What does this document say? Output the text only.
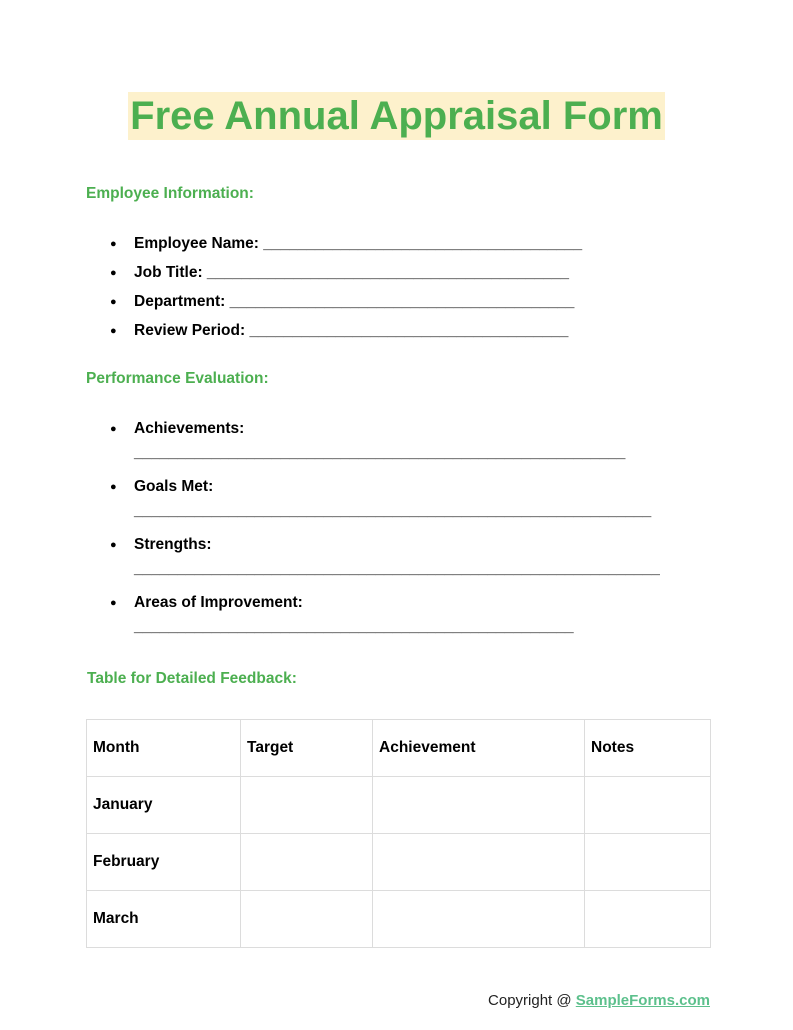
Free Annual Appraisal Form
Employee Information:
● Employee Name: _____________________________________
● Job Title: __________________________________________
● Department: ________________________________________
● Review Period: _____________________________________
Performance Evaluation:
● Achievements:
_________________________________________________________
● Goals Met:
____________________________________________________________
● Strengths:
_____________________________________________________________
● Areas of Improvement:
___________________________________________________
Table for Detailed Feedback:
Month	Target	Achievement	Notes
January			
February			
March			
Copyright @ SampleForms.com
